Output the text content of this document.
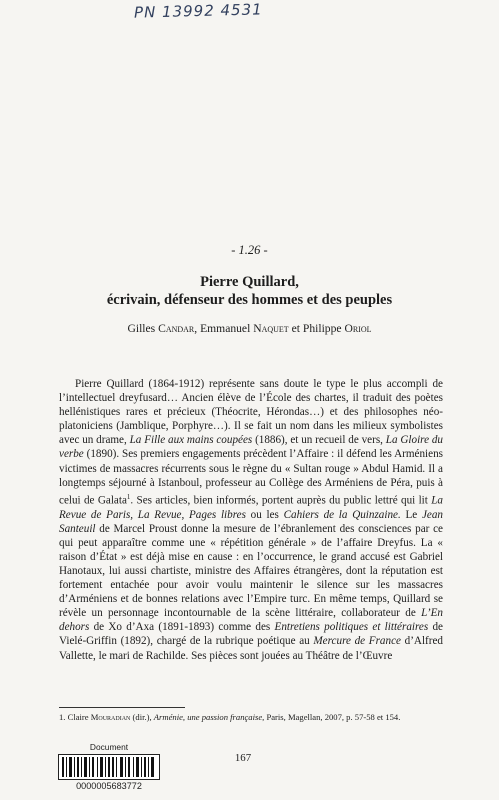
PN 13992 4531
- 1.26 -
Pierre Quillard,
écrivain, défenseur des hommes et des peuples
Gilles Candar, Emmanuel Naquet et Philippe Oriol

Pierre Quillard (1864-1912) représente sans doute le type le plus accompli de l’intellectuel dreyfusard… Ancien élève de l’École des chartes, il traduit des poètes hellénistiques rares et précieux (Théocrite, Hérondas…) et des philosophes néo-platoniciens (Jamblique, Porphyre…). Il se fait un nom dans les milieux symbolistes avec un drame, La Fille aux mains coupées (1886), et un recueil de vers, La Gloire du verbe (1890). Ses premiers engagements précèdent l’Affaire : il défend les Arméniens victimes de massacres récurrents sous le règne du « Sultan rouge » Abdul Hamid. Il a longtemps séjourné à Istanboul, professeur au Collège des Arméniens de Péra, puis à celui de Galata$^1$. Ses articles, bien informés, portent auprès du public lettré qui lit La Revue de Paris, La Revue, Pages libres ou les Cahiers de la Quinzaine. Le Jean Santeuil de Marcel Proust donne la mesure de l’ébranlement des consciences par ce qui peut apparaître comme une « répétition générale » de l’affaire Dreyfus. La « raison d’État » est déjà mise en cause : en l’occurrence, le grand accusé est Gabriel Hanotaux, lui aussi chartiste, ministre des Affaires étrangères, dont la réputation est fortement entachée pour avoir voulu maintenir le silence sur les massacres d’Arméniens et de bonnes relations avec l’Empire turc. En même temps, Quillard se révèle un personnage incontournable de la scène littéraire, collaborateur de L’En dehors de Xo d’Axa (1891-1893) comme des Entretiens politiques et littéraires de Vielé-Griffin (1892), chargé de la rubrique poétique au Mercure de France d’Alfred Vallette, le mari de Rachilde. Ses pièces sont jouées au Théâtre de l’Œuvre

1. Claire Mouradian (dir.), Arménie, une passion française, Paris, Magellan, 2007, p. 57-58 et 154.
Document
0000005683772
167
